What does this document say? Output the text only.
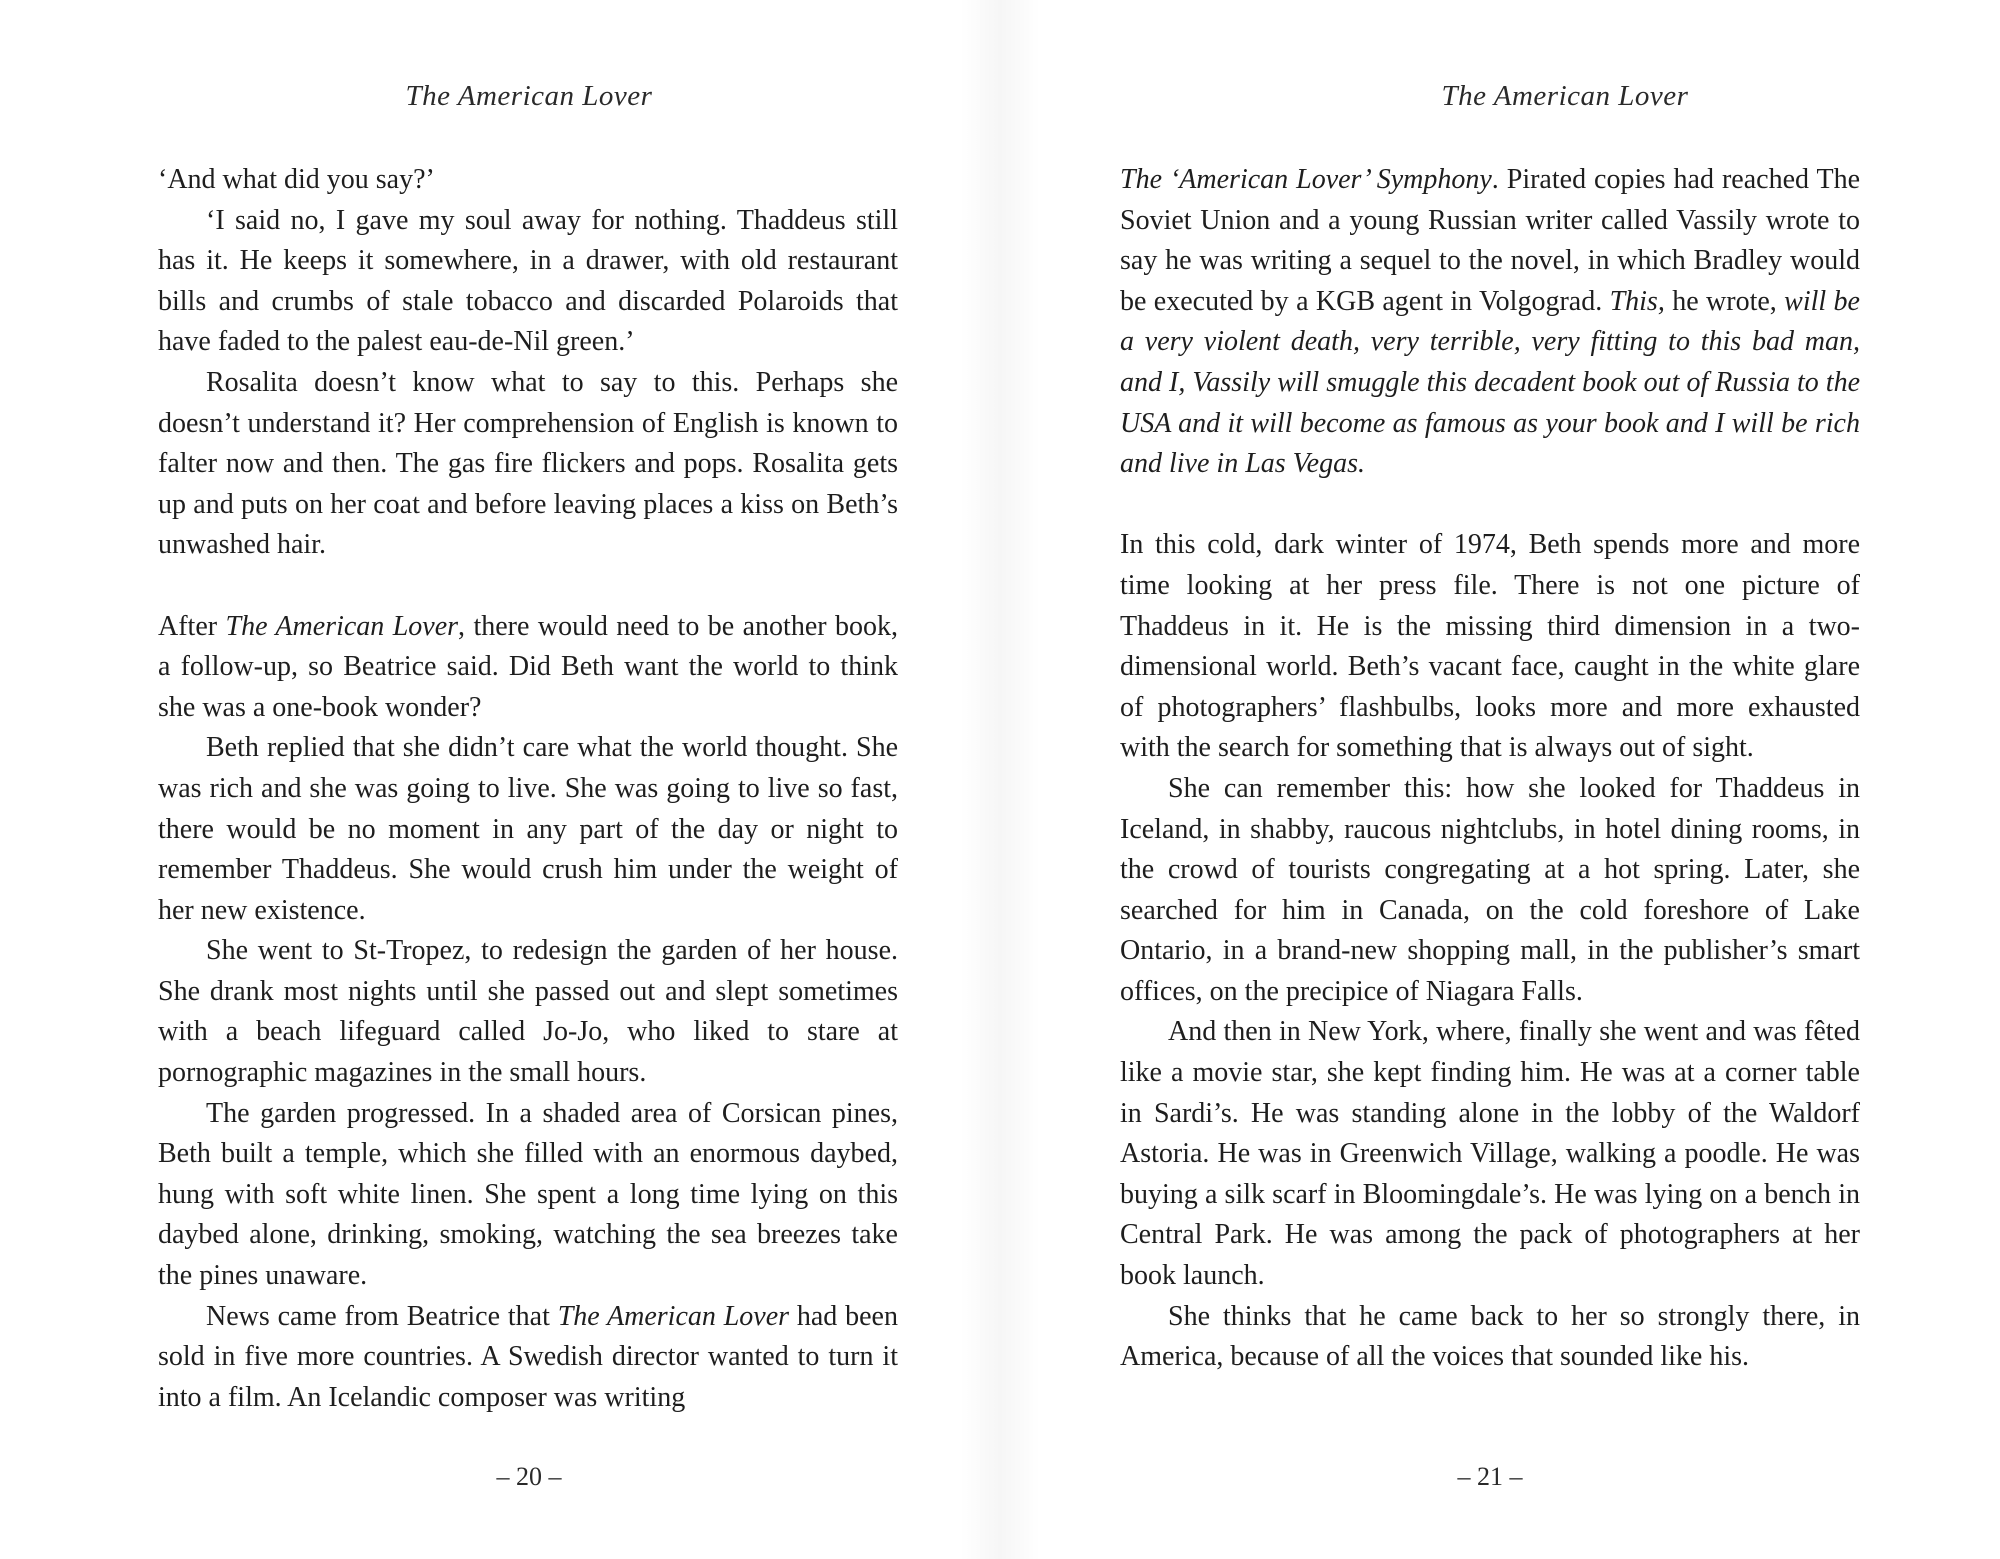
The American Lover

‘And what did you say?’

‘I said no, I gave my soul away for nothing. Thaddeus still has it. He keeps it somewhere, in a drawer, with old restaurant bills and crumbs of stale tobacco and discarded Polaroids that have faded to the palest eau-de-Nil green.’

Rosalita doesn’t know what to say to this. Perhaps she doesn’t understand it? Her comprehension of English is known to falter now and then. The gas fire flickers and pops. Rosalita gets up and puts on her coat and before leaving places a kiss on Beth’s unwashed hair.

After The American Lover, there would need to be another book, a follow-up, so Beatrice said. Did Beth want the world to think she was a one-book wonder?

Beth replied that she didn’t care what the world thought. She was rich and she was going to live. She was going to live so fast, there would be no moment in any part of the day or night to remember Thaddeus. She would crush him under the weight of her new existence.

She went to St-Tropez, to redesign the garden of her house. She drank most nights until she passed out and slept sometimes with a beach lifeguard called Jo-Jo, who liked to stare at pornographic magazines in the small hours.

The garden progressed. In a shaded area of Corsican pines, Beth built a temple, which she filled with an enormous daybed, hung with soft white linen. She spent a long time lying on this daybed alone, drinking, smoking, watching the sea breezes take the pines unaware.

News came from Beatrice that The American Lover had been sold in five more countries. A Swedish director wanted to turn it into a film. An Icelandic composer was writing

– 20 –
The American Lover

The ‘American Lover’ Symphony. Pirated copies had reached The Soviet Union and a young Russian writer called Vassily wrote to say he was writing a sequel to the novel, in which Bradley would be executed by a KGB agent in Volgograd. This, he wrote, will be a very violent death, very terrible, very fitting to this bad man, and I, Vassily will smuggle this decadent book out of Russia to the USA and it will become as famous as your book and I will be rich and live in Las Vegas.

In this cold, dark winter of 1974, Beth spends more and more time looking at her press file. There is not one picture of Thaddeus in it. He is the missing third dimension in a two-dimensional world. Beth’s vacant face, caught in the white glare of photographers’ flashbulbs, looks more and more exhausted with the search for something that is always out of sight.

She can remember this: how she looked for Thaddeus in Iceland, in shabby, raucous nightclubs, in hotel dining rooms, in the crowd of tourists congregating at a hot spring. Later, she searched for him in Canada, on the cold foreshore of Lake Ontario, in a brand-new shopping mall, in the publisher’s smart offices, on the precipice of Niagara Falls.

And then in New York, where, finally she went and was fêted like a movie star, she kept finding him. He was at a corner table in Sardi’s. He was standing alone in the lobby of the Waldorf Astoria. He was in Greenwich Village, walking a poodle. He was buying a silk scarf in Bloomingdale’s. He was lying on a bench in Central Park. He was among the pack of photographers at her book launch.

She thinks that he came back to her so strongly there, in America, because of all the voices that sounded like his.

– 21 –
